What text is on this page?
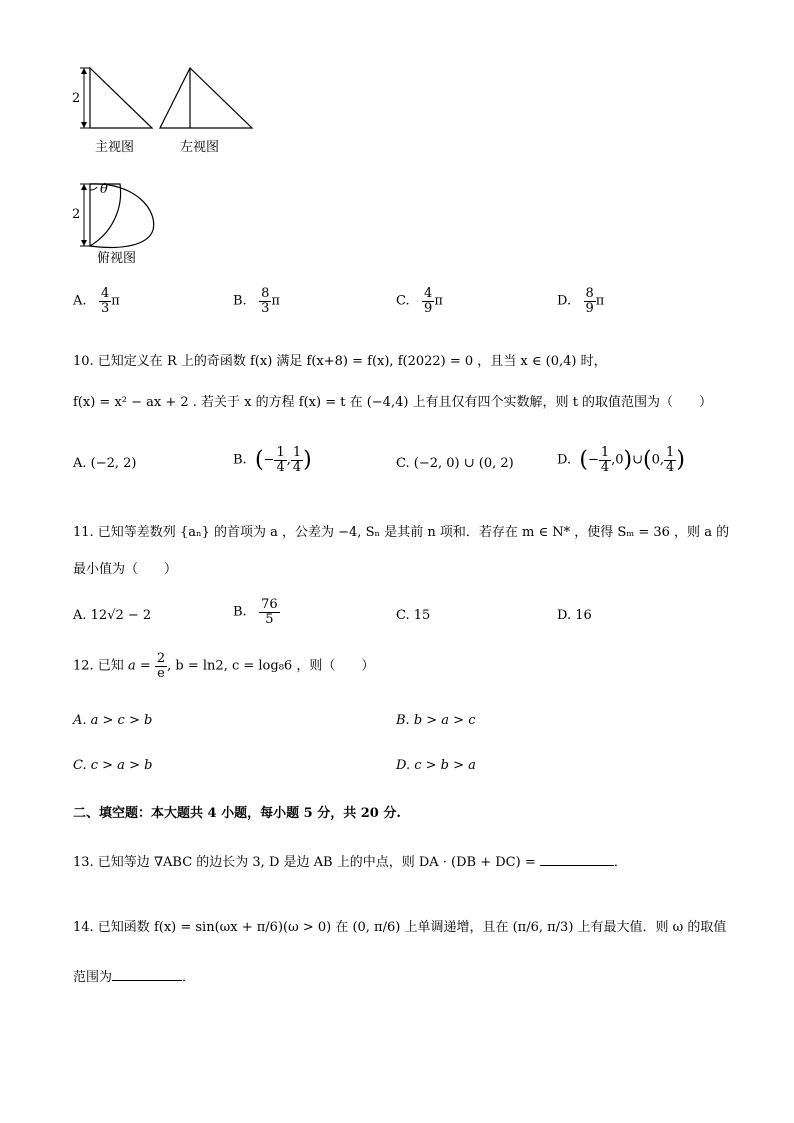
2
主视图	左视图
θ
2
俯视图
A. $\frac{4}{3}$ π	B. $\frac{8}{3}$ π	C. $\frac{4}{9}$ π	D. $\frac{8}{9}$ π
10. 已知定义在 R 上的奇函数 f(x) 满足 f(x+8) = f(x), f(2022) = 0 ，且当 x ∈ (0,4) 时，
f(x) = x² − ax + 2 . 若关于 x 的方程 f(x) = t 在 (−4,4) 上有且仅有四个实数解，则 t 的取值范围为（　　）
A. (−2, 2)	B. (− $\frac{1}{4}$ , $\frac{1}{4}$ )	C. (−2, 0) ∪ (0, 2)	D. (− $\frac{1}{4}$ ,0)∪(0, $\frac{1}{4}$ )
11. 已知等差数列 {aₙ} 的首项为 a ，公差为 −4, Sₙ 是其前 n 项和．若存在 m ∈ N* ，使得 Sₘ = 36 ，则 a 的
最小值为（　　）
A. 12√2 − 2	B. $\frac{76}{5}$	C. 15	D. 16
12. 已知 $a = \frac{2}{e}$ , b = ln2, c = log₈6 ，则（　　）
A. a > c > b	B. b > a > c
C. c > a > b	D. c > b > a
二、填空题：本大题共 4 小题，每小题 5 分，共 20 分.
13. 已知等边 ∇ABC 的边长为 3, D 是边 AB 上的中点，则 DA · (DB + DC) =	．
14. 已知函数 f(x) = sin(ωx + π/6)(ω > 0) 在 (0, π/6) 上单调递增，且在 (π/6, π/3) 上有最大值．则 ω 的取值
范围为	．
